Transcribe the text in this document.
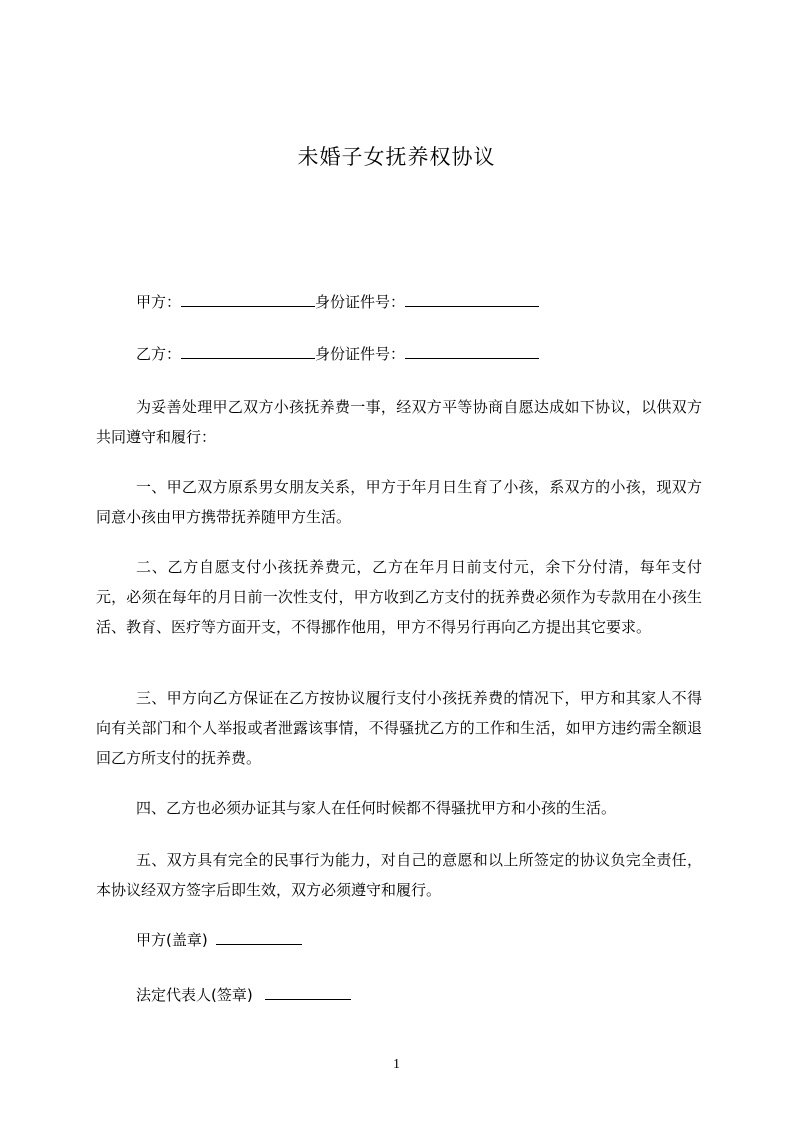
未婚子女抚养权协议
甲方：	身份证件号：
乙方：	身份证件号：

为妥善处理甲乙双方小孩抚养费一事，经双方平等协商自愿达成如下协议，以供双方共同遵守和履行：

一、甲乙双方原系男女朋友关系，甲方于年月日生育了小孩，系双方的小孩，现双方同意小孩由甲方携带抚养随甲方生活。

二、乙方自愿支付小孩抚养费元，乙方在年月日前支付元，余下分付清，每年支付元，必须在每年的月日前一次性支付，甲方收到乙方支付的抚养费必须作为专款用在小孩生活、教育、医疗等方面开支，不得挪作他用，甲方不得另行再向乙方提出其它要求。

三、甲方向乙方保证在乙方按协议履行支付小孩抚养费的情况下，甲方和其家人不得向有关部门和个人举报或者泄露该事情，不得骚扰乙方的工作和生活，如甲方违约需全额退回乙方所支付的抚养费。

四、乙方也必须办证其与家人在任何时候都不得骚扰甲方和小孩的生活。

五、双方具有完全的民事行为能力，对自己的意愿和以上所签定的协议负完全责任，本协议经双方签字后即生效，双方必须遵守和履行。

甲方(盖章)
法定代表人(签章)
1
